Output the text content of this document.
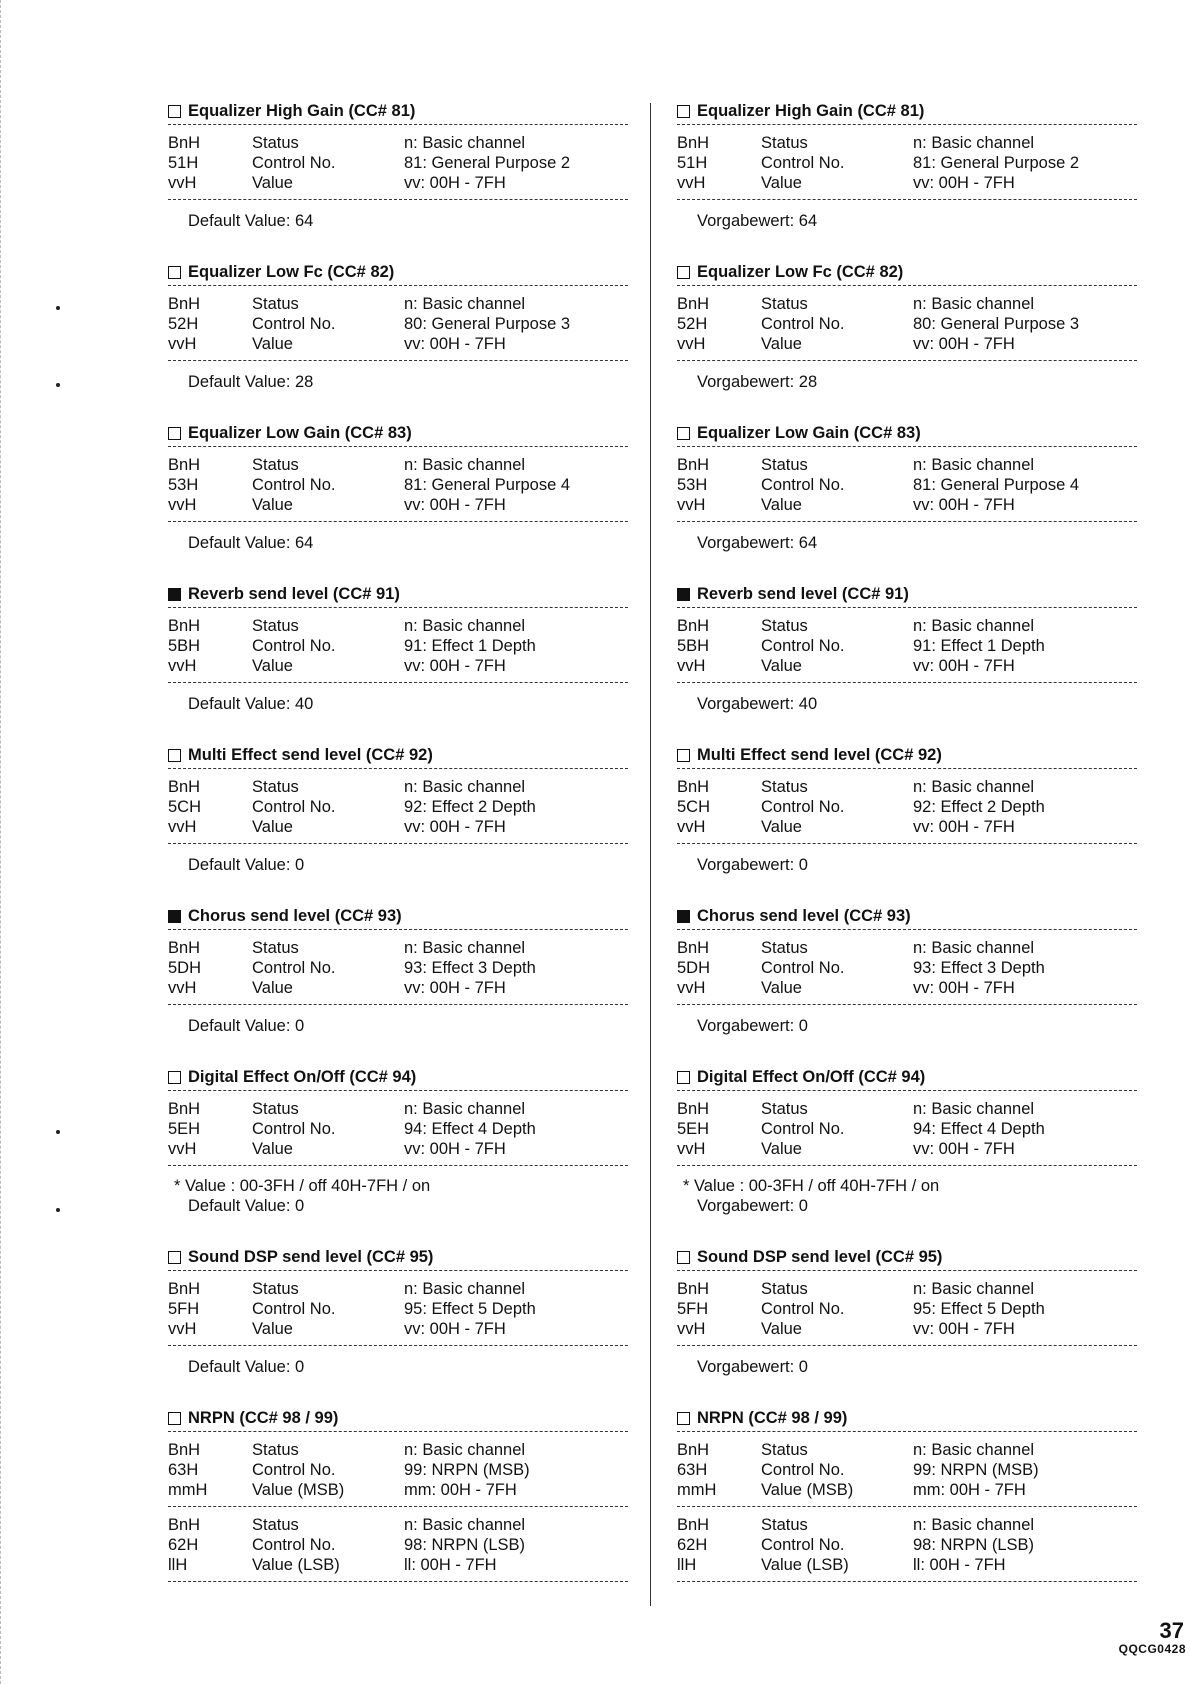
Equalizer High Gain (CC# 81)
BnH	Status	n: Basic channel
51H	Control No.	81: General Purpose 2
vvH	Value	vv: 00H - 7FH
Default Value: 64
Equalizer Low Fc (CC# 82)
BnH	Status	n: Basic channel
52H	Control No.	80: General Purpose 3
vvH	Value	vv: 00H - 7FH
Default Value: 28
Equalizer Low Gain (CC# 83)
BnH	Status	n: Basic channel
53H	Control No.	81: General Purpose 4
vvH	Value	vv: 00H - 7FH
Default Value: 64
Reverb send level (CC# 91)
BnH	Status	n: Basic channel
5BH	Control No.	91: Effect 1 Depth
vvH	Value	vv: 00H - 7FH
Default Value: 40
Multi Effect send level (CC# 92)
BnH	Status	n: Basic channel
5CH	Control No.	92: Effect 2 Depth
vvH	Value	vv: 00H - 7FH
Default Value: 0
Chorus send level (CC# 93)
BnH	Status	n: Basic channel
5DH	Control No.	93: Effect 3 Depth
vvH	Value	vv: 00H - 7FH
Default Value: 0
Digital Effect On/Off (CC# 94)
BnH	Status	n: Basic channel
5EH	Control No.	94: Effect 4 Depth
vvH	Value	vv: 00H - 7FH
* Value : 00-3FH / off 40H-7FH / on
Default Value: 0
Sound DSP send level (CC# 95)
BnH	Status	n: Basic channel
5FH	Control No.	95: Effect 5 Depth
vvH	Value	vv: 00H - 7FH
Default Value: 0
NRPN (CC# 98 / 99)
BnH	Status	n: Basic channel
63H	Control No.	99: NRPN (MSB)
mmH	Value (MSB)	mm: 00H - 7FH
BnH	Status	n: Basic channel
62H	Control No.	98: NRPN (LSB)
llH	Value (LSB)	ll: 00H - 7FH
Equalizer High Gain (CC# 81)
BnH	Status	n: Basic channel
51H	Control No.	81: General Purpose 2
vvH	Value	vv: 00H - 7FH
Vorgabewert: 64
Equalizer Low Fc (CC# 82)
BnH	Status	n: Basic channel
52H	Control No.	80: General Purpose 3
vvH	Value	vv: 00H - 7FH
Vorgabewert: 28
Equalizer Low Gain (CC# 83)
BnH	Status	n: Basic channel
53H	Control No.	81: General Purpose 4
vvH	Value	vv: 00H - 7FH
Vorgabewert: 64
Reverb send level (CC# 91)
BnH	Status	n: Basic channel
5BH	Control No.	91: Effect 1 Depth
vvH	Value	vv: 00H - 7FH
Vorgabewert: 40
Multi Effect send level (CC# 92)
BnH	Status	n: Basic channel
5CH	Control No.	92: Effect 2 Depth
vvH	Value	vv: 00H - 7FH
Vorgabewert: 0
Chorus send level (CC# 93)
BnH	Status	n: Basic channel
5DH	Control No.	93: Effect 3 Depth
vvH	Value	vv: 00H - 7FH
Vorgabewert: 0
Digital Effect On/Off (CC# 94)
BnH	Status	n: Basic channel
5EH	Control No.	94: Effect 4 Depth
vvH	Value	vv: 00H - 7FH
* Value : 00-3FH / off 40H-7FH / on
Vorgabewert: 0
Sound DSP send level (CC# 95)
BnH	Status	n: Basic channel
5FH	Control No.	95: Effect 5 Depth
vvH	Value	vv: 00H - 7FH
Vorgabewert: 0
NRPN (CC# 98 / 99)
BnH	Status	n: Basic channel
63H	Control No.	99: NRPN (MSB)
mmH	Value (MSB)	mm: 00H - 7FH
BnH	Status	n: Basic channel
62H	Control No.	98: NRPN (LSB)
llH	Value (LSB)	ll: 00H - 7FH
37
QQCG0428
